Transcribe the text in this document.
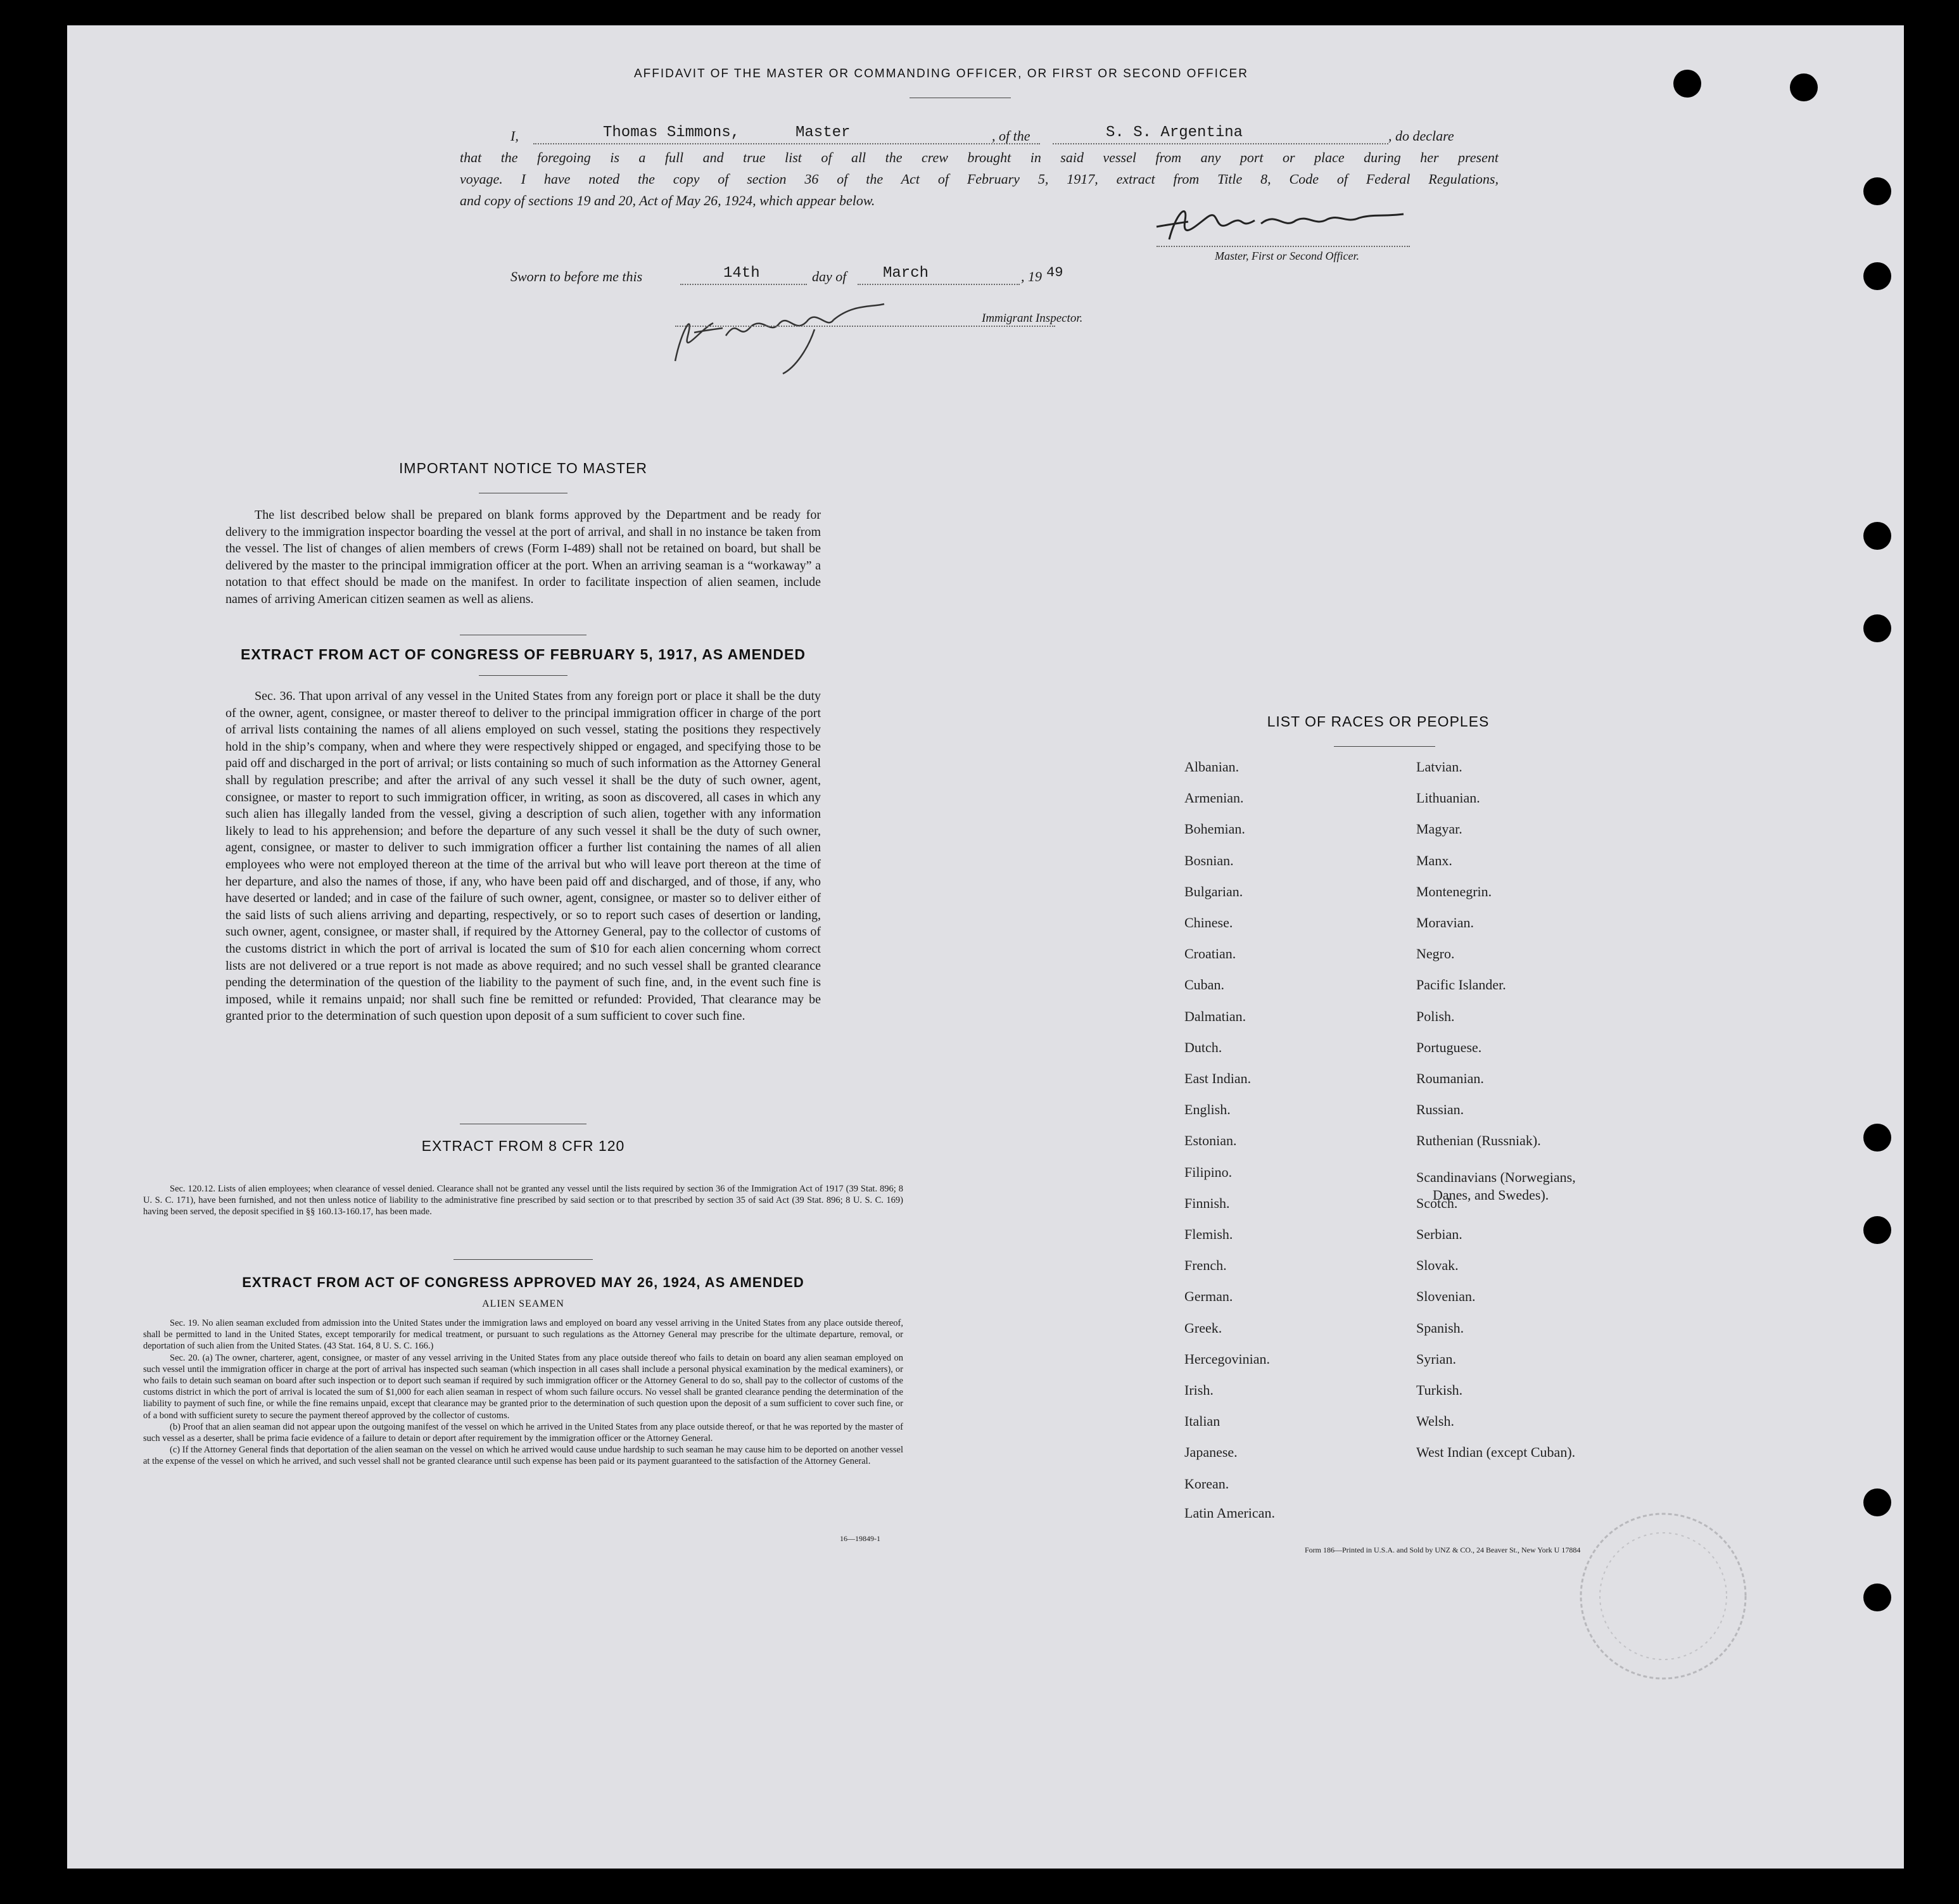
AFFIDAVIT OF THE MASTER OR COMMANDING OFFICER, OR FIRST OR SECOND OFFICER
I,	Thomas Simmons,	Master	, of the	S. S. Argentina	, do declare
that the foregoing is a full and true list of all the crew brought in said vessel from any port or place during her present
voyage. I have noted the copy of section 36 of the Act of February 5, 1917, extract from Title 8, Code of Federal Regulations,
and copy of sections 19 and 20, Act of May 26, 1924, which appear below.
Master, First or Second Officer.
Sworn to before me this	14th	day of March	, 19 49
Immigrant Inspector.
IMPORTANT NOTICE TO MASTER
The list described below shall be prepared on blank forms approved by the Department and be ready for delivery to the immigration inspector boarding the vessel at the port of arrival, and shall in no instance be taken from the vessel. The list of changes of alien members of crews (Form I-489) shall not be retained on board, but shall be delivered by the master to the principal immigration officer at the port. When an arriving seaman is a “workaway” a notation to that effect should be made on the manifest. In order to facilitate inspection of alien seamen, include names of arriving American citizen seamen as well as aliens.
EXTRACT FROM ACT OF CONGRESS OF FEBRUARY 5, 1917, AS AMENDED
Sec. 36. That upon arrival of any vessel in the United States from any foreign port or place it shall be the duty of the owner, agent, consignee, or master thereof to deliver to the principal immigration officer in charge of the port of arrival lists containing the names of all aliens employed on such vessel, stating the positions they respectively hold in the ship’s company, when and where they were respectively shipped or engaged, and specifying those to be paid off and discharged in the port of arrival; or lists containing so much of such information as the Attorney General shall by regulation prescribe; and after the arrival of any such vessel it shall be the duty of such owner, agent, consignee, or master to report to such immigration officer, in writing, as soon as discovered, all cases in which any such alien has illegally landed from the vessel, giving a description of such alien, together with any information likely to lead to his apprehension; and before the departure of any such vessel it shall be the duty of such owner, agent, consignee, or master to deliver to such immigration officer a further list containing the names of all alien employees who were not employed thereon at the time of the arrival but who will leave port thereon at the time of her departure, and also the names of those, if any, who have been paid off and discharged, and of those, if any, who have deserted or landed; and in case of the failure of such owner, agent, consignee, or master so to deliver either of the said lists of such aliens arriving and departing, respectively, or so to report such cases of desertion or landing, such owner, agent, consignee, or master shall, if required by the Attorney General, pay to the collector of customs of the customs district in which the port of arrival is located the sum of $10 for each alien concerning whom correct lists are not delivered or a true report is not made as above required; and no such vessel shall be granted clearance pending the determination of the question of the liability to the payment of such fine, and, in the event such fine is imposed, while it remains unpaid; nor shall such fine be remitted or refunded: Provided, That clearance may be granted prior to the determination of such question upon deposit of a sum sufficient to cover such fine.
EXTRACT FROM 8 CFR 120

Sec. 120.12. Lists of alien employees; when clearance of vessel denied. Clearance shall not be granted any vessel until the lists required by section 36 of the Immigration Act of 1917 (39 Stat. 896; 8 U. S. C. 171), have been furnished, and not then unless notice of liability to the administrative fine prescribed by said section or to that prescribed by section 35 of said Act (39 Stat. 896; 8 U. S. C. 169) having been served, the deposit specified in §§ 160.13-160.17, has been made.

EXTRACT FROM ACT OF CONGRESS APPROVED MAY 26, 1924, AS AMENDED
ALIEN SEAMEN

Sec. 19. No alien seaman excluded from admission into the United States under the immigration laws and employed on board any vessel arriving in the United States from any place outside thereof, shall be permitted to land in the United States, except temporarily for medical treatment, or pursuant to such regulations as the Attorney General may prescribe for the ultimate departure, removal, or deportation of such alien from the United States. (43 Stat. 164, 8 U. S. C. 166.)

Sec. 20. (a) The owner, charterer, agent, consignee, or master of any vessel arriving in the United States from any place outside thereof who fails to detain on board any alien seaman employed on such vessel until the immigration officer in charge at the port of arrival has inspected such seaman (which inspection in all cases shall include a personal physical examination by the medical examiners), or who fails to detain such seaman on board after such inspection or to deport such seaman if required by such immigration officer or the Attorney General to do so, shall pay to the collector of customs of the customs district in which the port of arrival is located the sum of $1,000 for each alien seaman in respect of whom such failure occurs. No vessel shall be granted clearance pending the determination of the liability to payment of such fine, or while the fine remains unpaid, except that clearance may be granted prior to the determination of such question upon the deposit of a sum sufficient to cover such fine, or of a bond with sufficient surety to secure the payment thereof approved by the collector of customs.

(b) Proof that an alien seaman did not appear upon the outgoing manifest of the vessel on which he arrived in the United States from any place outside thereof, or that he was reported by the master of such vessel as a deserter, shall be prima facie evidence of a failure to detain or deport after requirement by the immigration officer or the Attorney General.

(c) If the Attorney General finds that deportation of the alien seaman on the vessel on which he arrived would cause undue hardship to such seaman he may cause him to be deported on another vessel at the expense of the vessel on which he arrived, and such vessel shall not be granted clearance until such expense has been paid or its payment guaranteed to the satisfaction of the Attorney General.

16—19849-1
LIST OF RACES OR PEOPLES
Albanian.
Armenian.
Bohemian.
Bosnian.
Bulgarian.
Chinese.
Croatian.
Cuban.
Dalmatian.
Dutch.
East Indian.
English.
Estonian.
Filipino.
Finnish.
Flemish.
French.
German.
Greek.
Hercegovinian.
Irish.
Italian
Japanese.
Korean.
Latin American.
Latvian.
Lithuanian.
Magyar.
Manx.
Montenegrin.
Moravian.
Negro.
Pacific Islander.
Polish.
Portuguese.
Roumanian.
Russian.
Ruthenian (Russniak).
Scandinavians (Norwegians,
Danes, and Swedes).
Scotch.
Serbian.
Slovak.
Slovenian.
Spanish.
Syrian.
Turkish.
Welsh.
West Indian (except Cuban).
Form 186—Printed in U.S.A. and Sold by UNZ & CO., 24 Beaver St., New York U 17884
